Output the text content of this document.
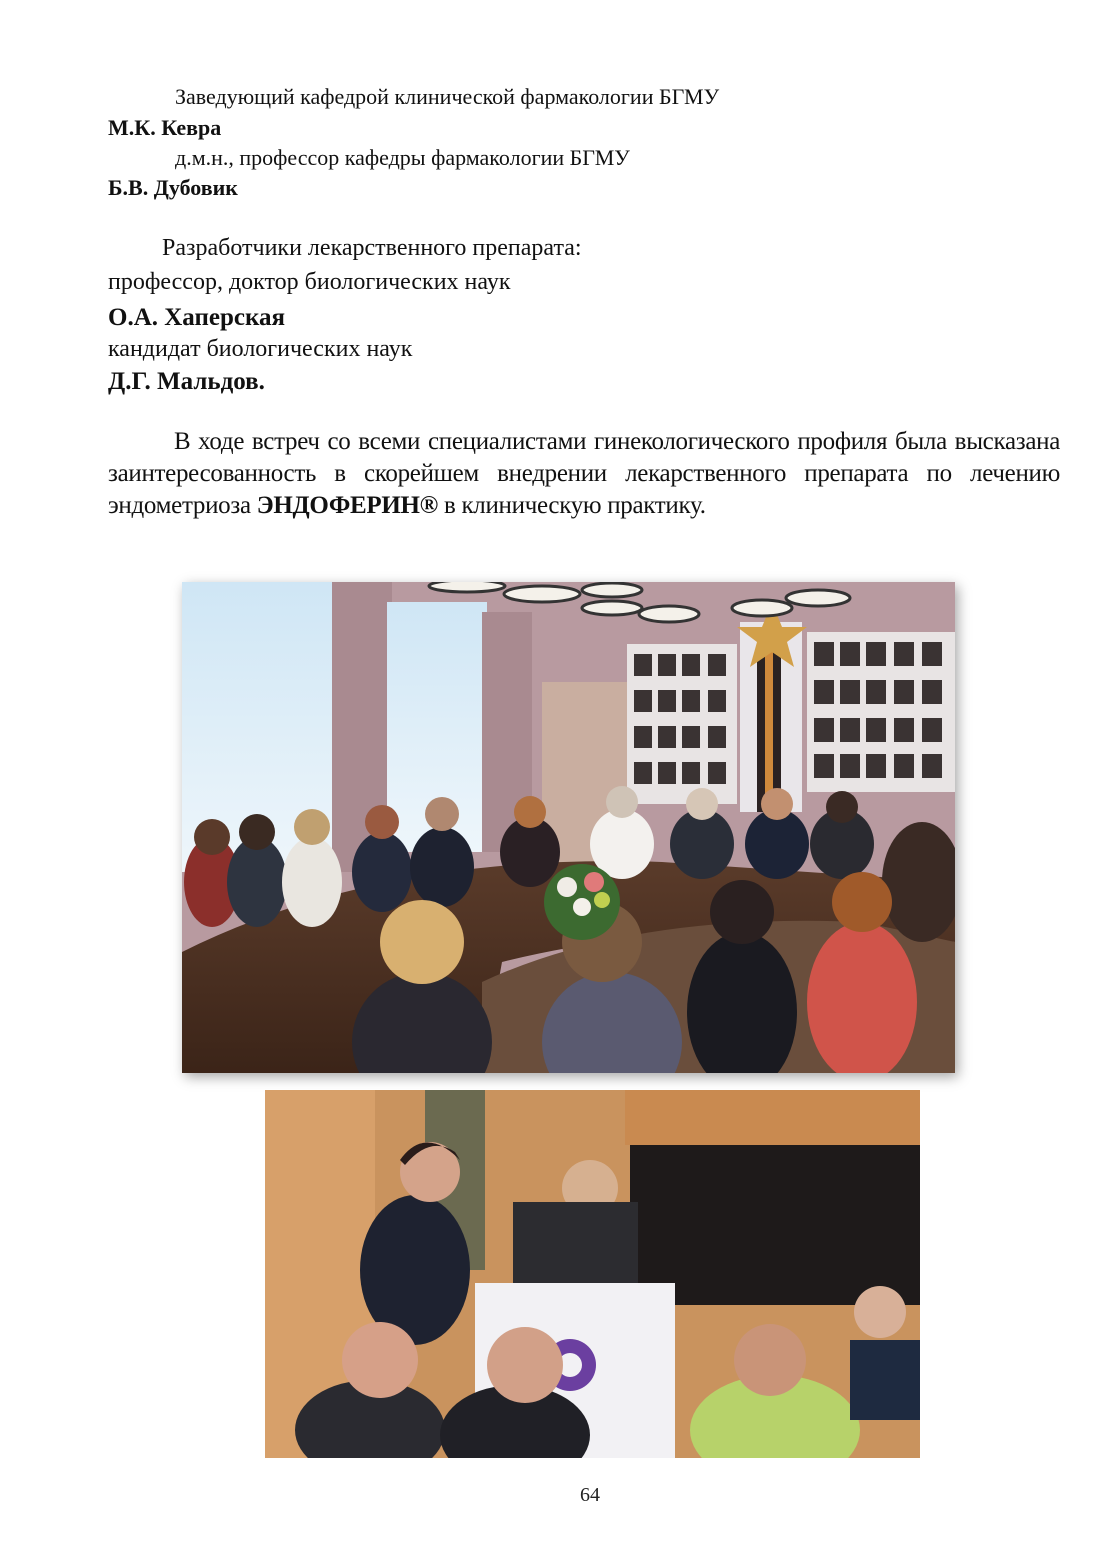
Заведующий кафедрой клинической фармакологии БГМУ
М.К. Кевра
д.м.н., профессор кафедры фармакологии БГМУ
Б.В. Дубовик
Разработчики лекарственного препарата:
профессор, доктор биологических наук
О.А. Хаперская
кандидат биологических наук
Д.Г. Мальдов.
В ходе встреч со всеми специалистами гинекологического профиля была высказана заинтересованность в скорейшем внедрении лекарственного препарата по лечению эндометриоза ЭНДОФЕРИН® в клиническую практику.
64
